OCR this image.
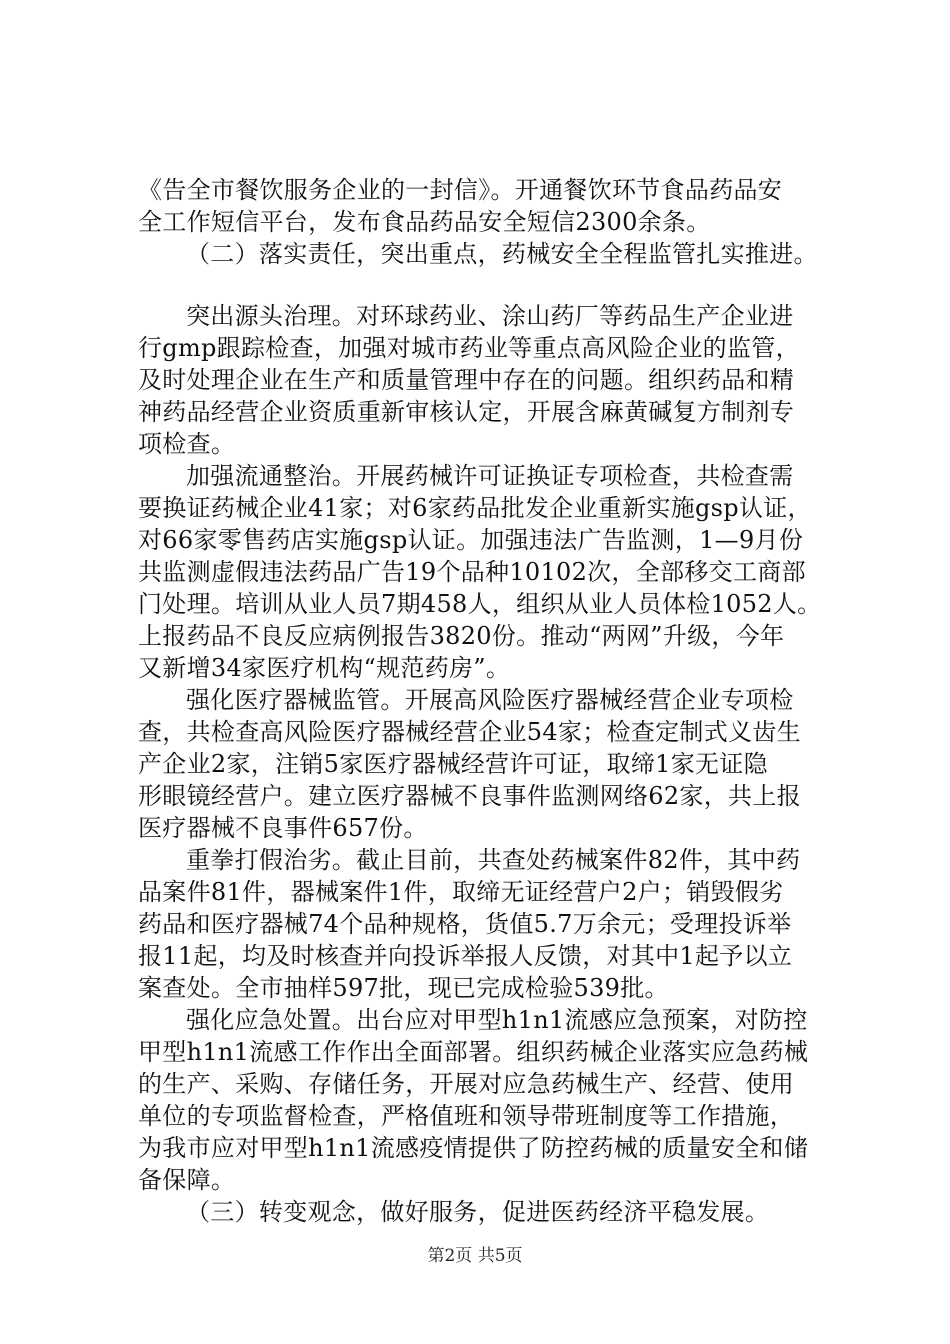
《告全市餐饮服务企业的一封信》。开通餐饮环节食品药品安
全工作短信平台，发布食品药品安全短信2300余条。
（二）落实责任，突出重点，药械安全全程监管扎实推进。
突出源头治理。对环球药业、涂山药厂等药品生产企业进
行gmp跟踪检查，加强对城市药业等重点高风险企业的监管，
及时处理企业在生产和质量管理中存在的问题。组织药品和精
神药品经营企业资质重新审核认定，开展含麻黄碱复方制剂专
项检查。
加强流通整治。开展药械许可证换证专项检查，共检查需
要换证药械企业41家；对6家药品批发企业重新实施gsp认证，
对66家零售药店实施gsp认证。加强违法广告监测，1—9月份
共监测虚假违法药品广告19个品种10102次，全部移交工商部
门处理。培训从业人员7期458人，组织从业人员体检1052人。
上报药品不良反应病例报告3820份。推动“两网”升级，今年
又新增34家医疗机构“规范药房”。
强化医疗器械监管。开展高风险医疗器械经营企业专项检
查，共检查高风险医疗器械经营企业54家；检查定制式义齿生
产企业2家，注销5家医疗器械经营许可证，取缔1家无证隐
形眼镜经营户。建立医疗器械不良事件监测网络62家，共上报
医疗器械不良事件657份。
重拳打假治劣。截止目前，共查处药械案件82件，其中药
品案件81件，器械案件1件，取缔无证经营户2户；销毁假劣
药品和医疗器械74个品种规格，货值5.7万余元；受理投诉举
报11起，均及时核查并向投诉举报人反馈，对其中1起予以立
案查处。全市抽样597批，现已完成检验539批。
强化应急处置。出台应对甲型h1n1流感应急预案，对防控
甲型h1n1流感工作作出全面部署。组织药械企业落实应急药械
的生产、采购、存储任务，开展对应急药械生产、经营、使用
单位的专项监督检查，严格值班和领导带班制度等工作措施，
为我市应对甲型h1n1流感疫情提供了防控药械的质量安全和储
备保障。
（三）转变观念，做好服务，促进医药经济平稳发展。
第2页 共5页
